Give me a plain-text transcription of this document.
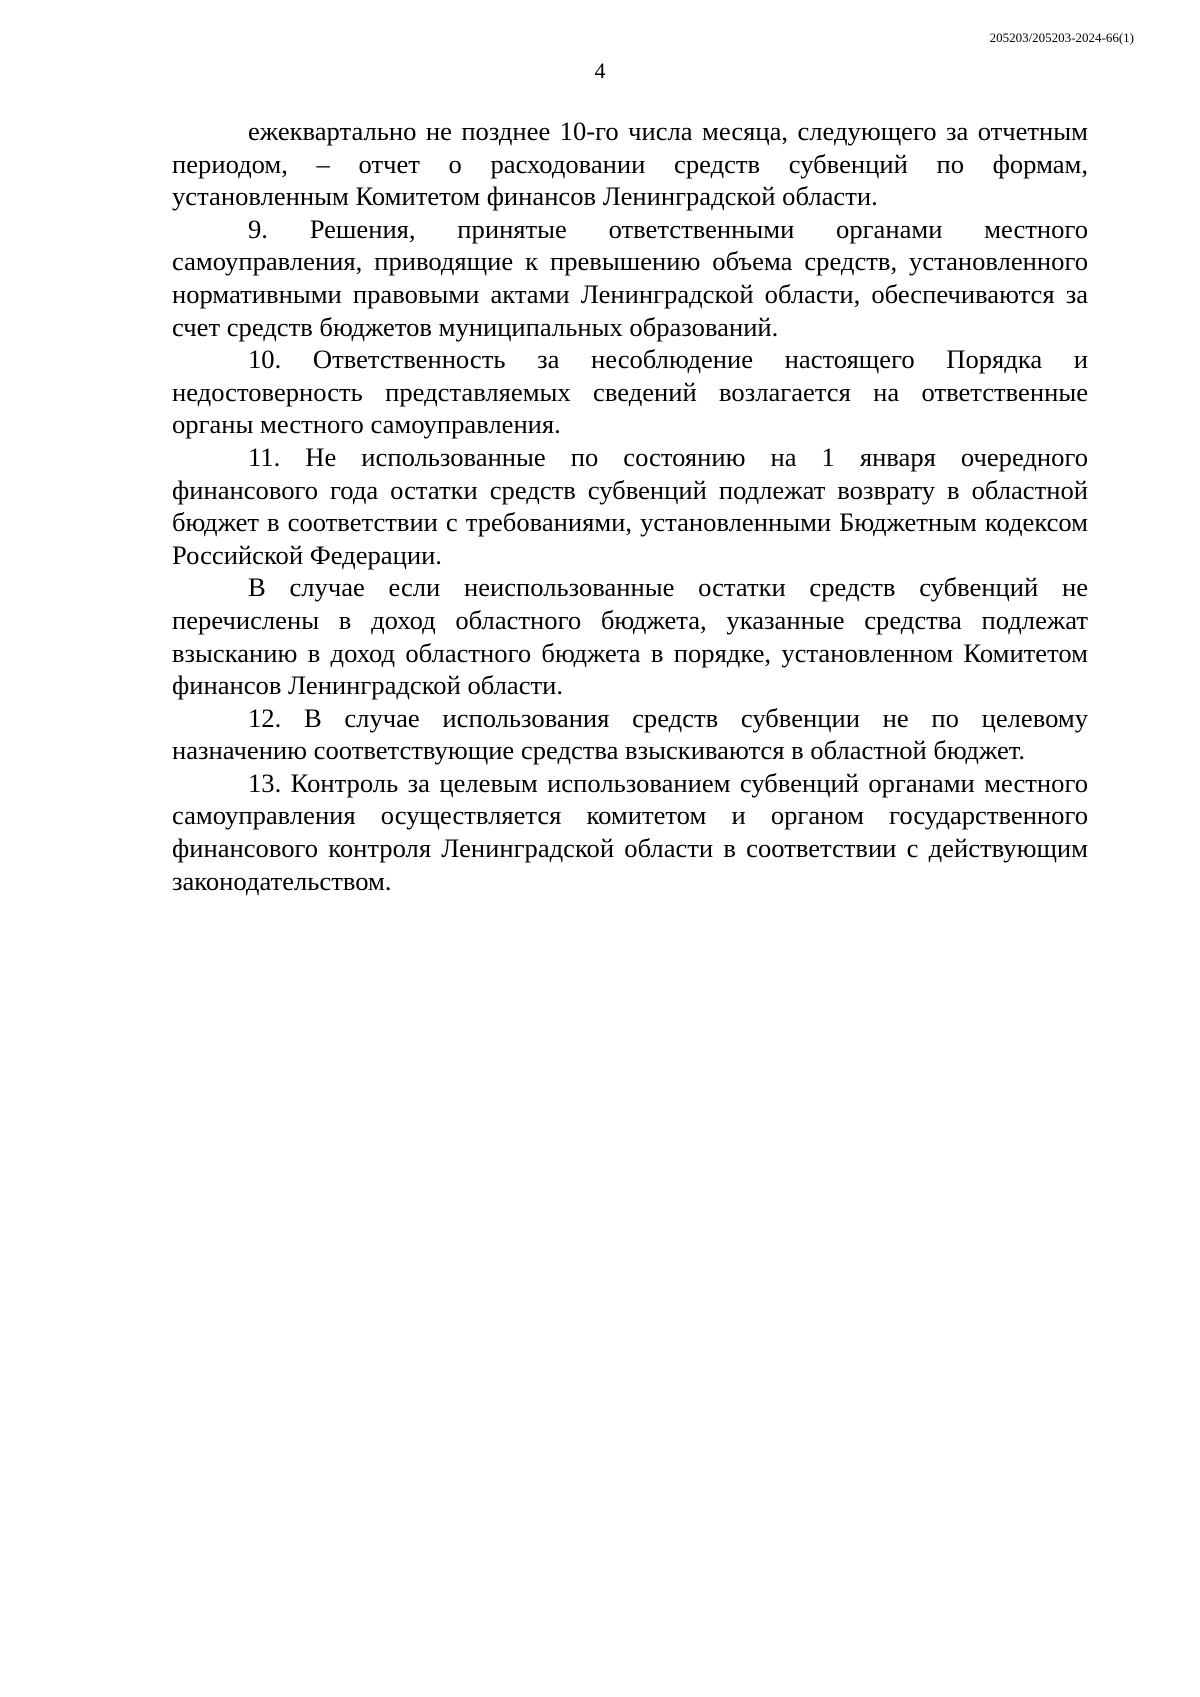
205203/205203-2024-66(1)
4

ежеквартально не позднее 10-го числа месяца, следующего за отчетным периодом, – отчет о расходовании средств субвенций по формам, установленным Комитетом финансов Ленинградской области.

9. Решения, принятые ответственными органами местного самоуправления, приводящие к превышению объема средств, установленного нормативными правовыми актами Ленинградской области, обеспечиваются за счет средств бюджетов муниципальных образований.

10. Ответственность за несоблюдение настоящего Порядка и недостоверность представляемых сведений возлагается на ответственные органы местного самоуправления.

11. Не использованные по состоянию на 1 января очередного финансового года остатки средств субвенций подлежат возврату в областной бюджет в соответствии с требованиями, установленными Бюджетным кодексом Российской Федерации.

В случае если неиспользованные остатки средств субвенций не перечислены в доход областного бюджета, указанные средства подлежат взысканию в доход областного бюджета в порядке, установленном Комитетом финансов Ленинградской области.

12. В случае использования средств субвенции не по целевому назначению соответствующие средства взыскиваются в областной бюджет.

13. Контроль за целевым использованием субвенций органами местного самоуправления осуществляется комитетом и органом государственного финансового контроля Ленинградской области в соответствии с действующим законодательством.
